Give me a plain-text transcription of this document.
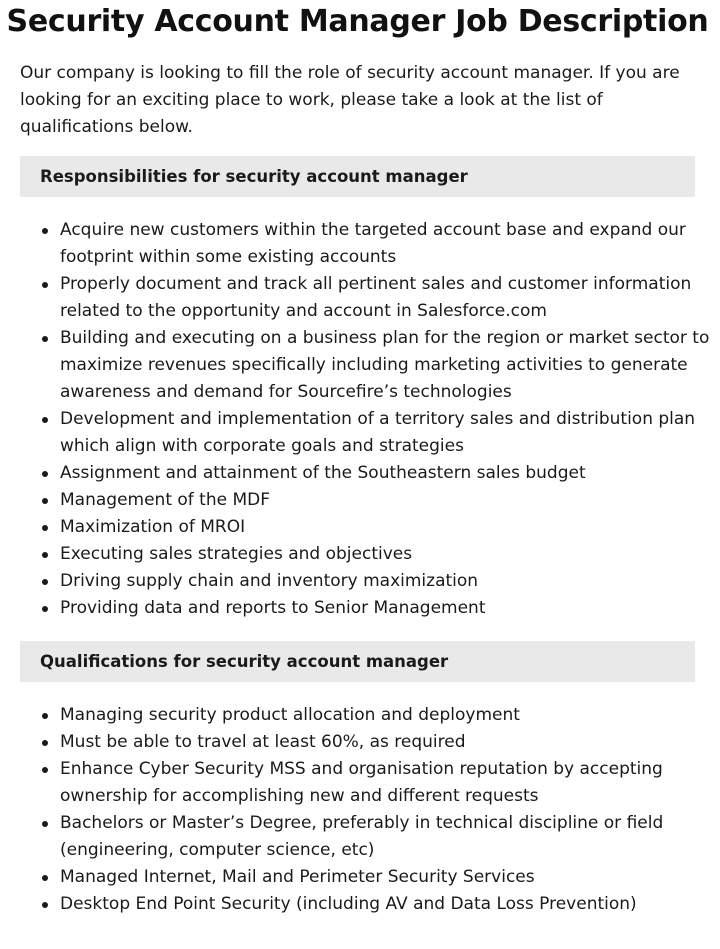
Security Account Manager Job Description

Our company is looking to fill the role of security account manager. If you are looking for an exciting place to work, please take a look at the list of qualifications below.

Responsibilities for security account manager
Acquire new customers within the targeted account base and expand our footprint within some existing accounts
Properly document and track all pertinent sales and customer information related to the opportunity and account in Salesforce.com
Building and executing on a business plan for the region or market sector to maximize revenues specifically including marketing activities to generate awareness and demand for Sourcefire’s technologies
Development and implementation of a territory sales and distribution plan which align with corporate goals and strategies
Assignment and attainment of the Southeastern sales budget
Management of the MDF
Maximization of MROI
Executing sales strategies and objectives
Driving supply chain and inventory maximization
Providing data and reports to Senior Management
Qualifications for security account manager
Managing security product allocation and deployment
Must be able to travel at least 60%, as required
Enhance Cyber Security MSS and organisation reputation by accepting ownership for accomplishing new and different requests
Bachelors or Master’s Degree, preferably in technical discipline or field (engineering, computer science, etc)
Managed Internet, Mail and Perimeter Security Services
Desktop End Point Security (including AV and Data Loss Prevention)
